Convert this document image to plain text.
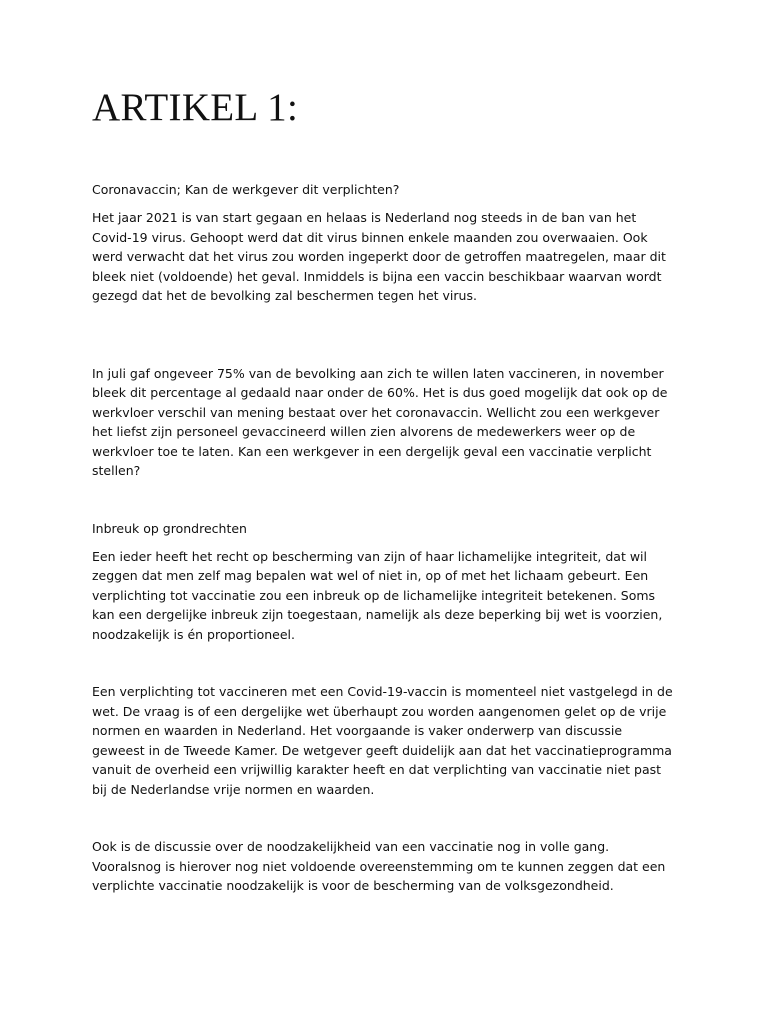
ARTIKEL 1:
Coronavaccin; Kan de werkgever dit verplichten?

Het jaar 2021 is van start gegaan en helaas is Nederland nog steeds in de ban van het Covid-19 virus. Gehoopt werd dat dit virus binnen enkele maanden zou overwaaien. Ook werd verwacht dat het virus zou worden ingeperkt door de getroffen maatregelen, maar dit bleek niet (voldoende) het geval. Inmiddels is bijna een vaccin beschikbaar waarvan wordt gezegd dat het de bevolking zal beschermen tegen het virus.

In juli gaf ongeveer 75% van de bevolking aan zich te willen laten vaccineren, in november bleek dit percentage al gedaald naar onder de 60%. Het is dus goed mogelijk dat ook op de werkvloer verschil van mening bestaat over het coronavaccin. Wellicht zou een werkgever het liefst zijn personeel gevaccineerd willen zien alvorens de medewerkers weer op de werkvloer toe te laten. Kan een werkgever in een dergelijk geval een vaccinatie verplicht stellen?

Inbreuk op grondrechten

Een ieder heeft het recht op bescherming van zijn of haar lichamelijke integriteit, dat wil zeggen dat men zelf mag bepalen wat wel of niet in, op of met het lichaam gebeurt. Een verplichting tot vaccinatie zou een inbreuk op de lichamelijke integriteit betekenen. Soms kan een dergelijke inbreuk zijn toegestaan, namelijk als deze beperking bij wet is voorzien, noodzakelijk is én proportioneel.

Een verplichting tot vaccineren met een Covid-19-vaccin is momenteel niet vastgelegd in de wet. De vraag is of een dergelijke wet überhaupt zou worden aangenomen gelet op de vrije normen en waarden in Nederland. Het voorgaande is vaker onderwerp van discussie geweest in de Tweede Kamer. De wetgever geeft duidelijk aan dat het vaccinatieprogramma vanuit de overheid een vrijwillig karakter heeft en dat verplichting van vaccinatie niet past bij de Nederlandse vrije normen en waarden.

Ook is de discussie over de noodzakelijkheid van een vaccinatie nog in volle gang. Vooralsnog is hierover nog niet voldoende overeenstemming om te kunnen zeggen dat een verplichte vaccinatie noodzakelijk is voor de bescherming van de volksgezondheid.
